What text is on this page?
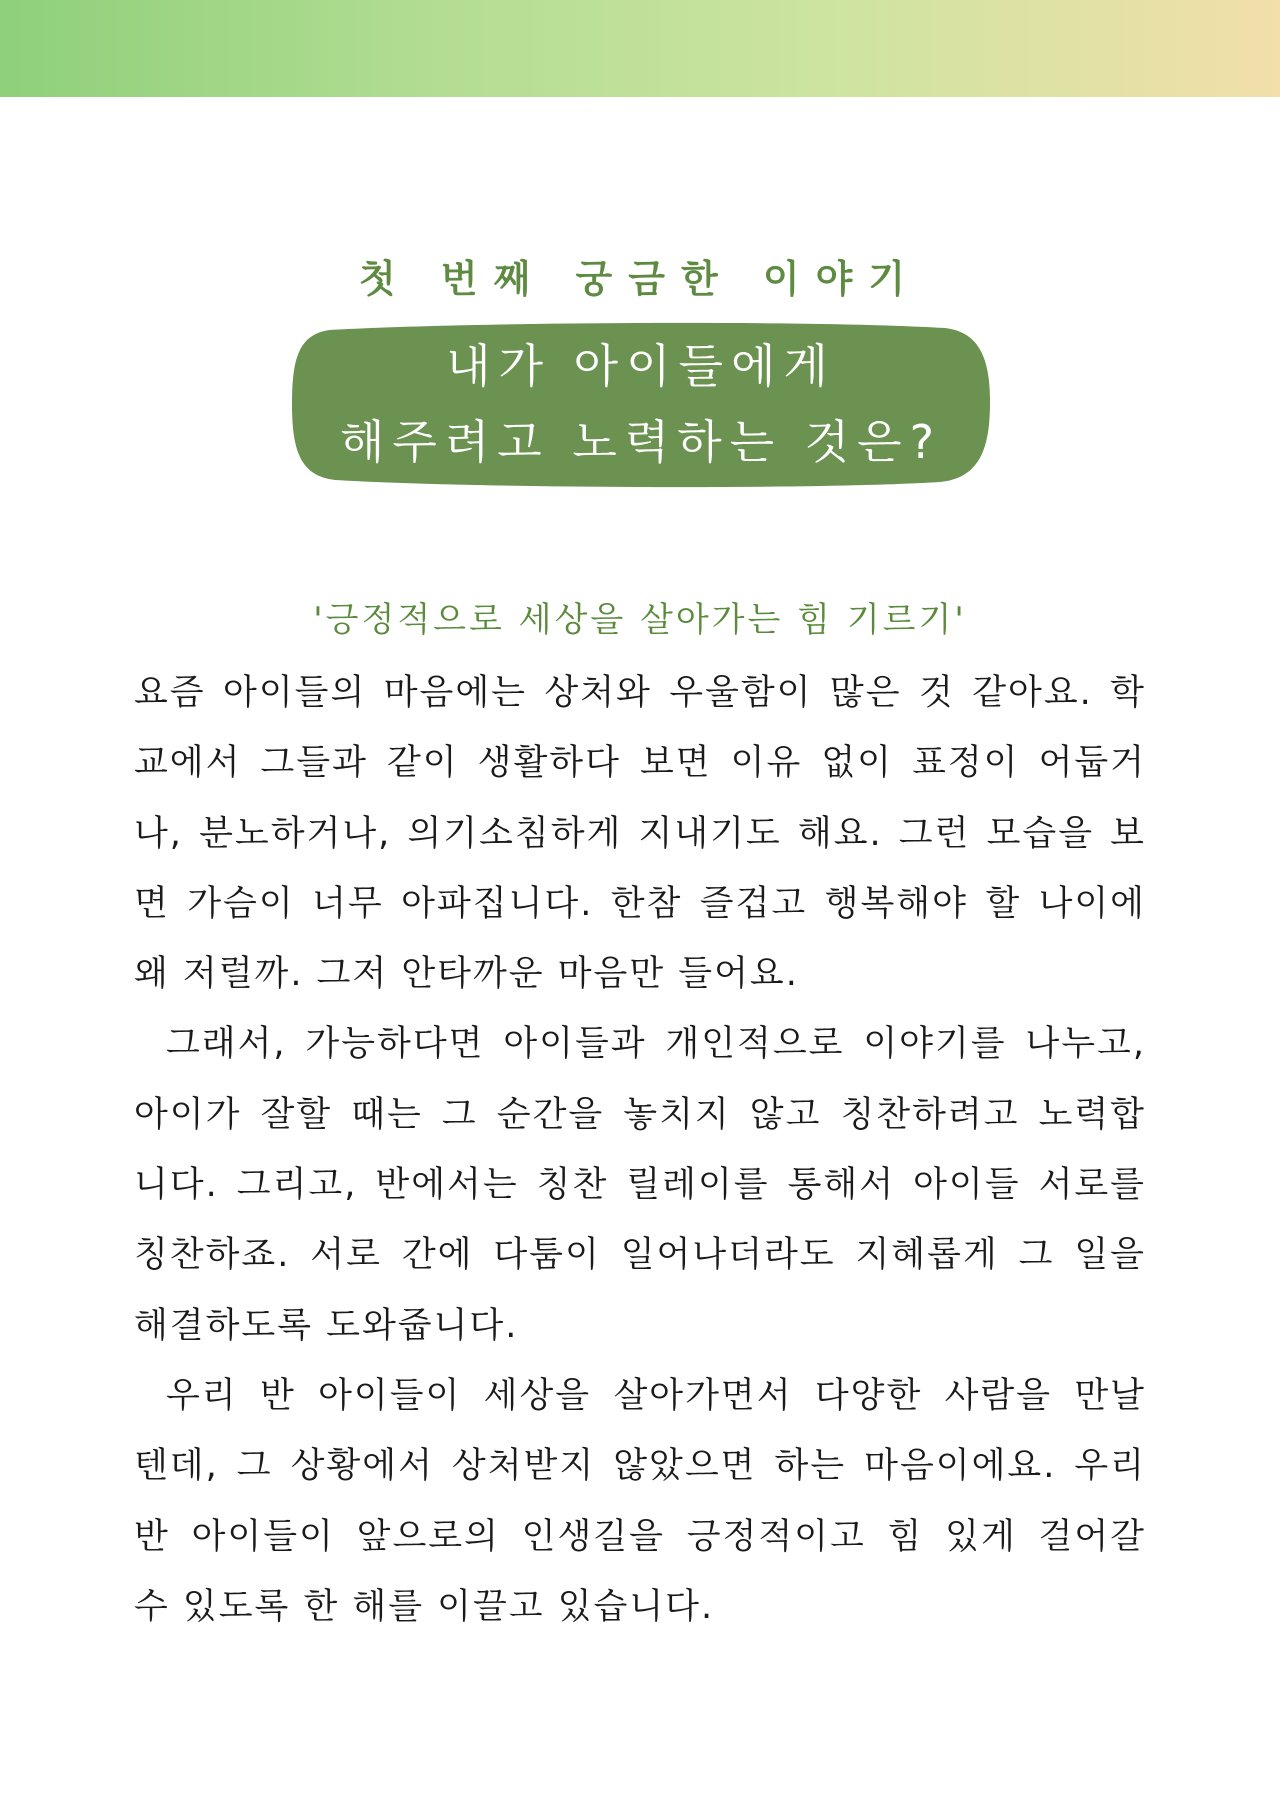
첫 번째 궁금한 이야기
내가 아이들에게
해주려고 노력하는 것은?
'긍정적으로 세상을 살아가는 힘 기르기'
요즘 아이들의 마음에는 상처와 우울함이 많은 것 같아요. 학
교에서 그들과 같이 생활하다 보면 이유 없이 표정이 어둡거
나, 분노하거나, 의기소침하게 지내기도 해요. 그런 모습을 보
면 가슴이 너무 아파집니다. 한참 즐겁고 행복해야 할 나이에
왜 저럴까. 그저 안타까운 마음만 들어요.
그래서, 가능하다면 아이들과 개인적으로 이야기를 나누고,
아이가 잘할 때는 그 순간을 놓치지 않고 칭찬하려고 노력합
니다. 그리고, 반에서는 칭찬 릴레이를 통해서 아이들 서로를
칭찬하죠. 서로 간에 다툼이 일어나더라도 지혜롭게 그 일을
해결하도록 도와줍니다.
우리 반 아이들이 세상을 살아가면서 다양한 사람을 만날
텐데, 그 상황에서 상처받지 않았으면 하는 마음이에요. 우리
반 아이들이 앞으로의 인생길을 긍정적이고 힘 있게 걸어갈
수 있도록 한 해를 이끌고 있습니다.
